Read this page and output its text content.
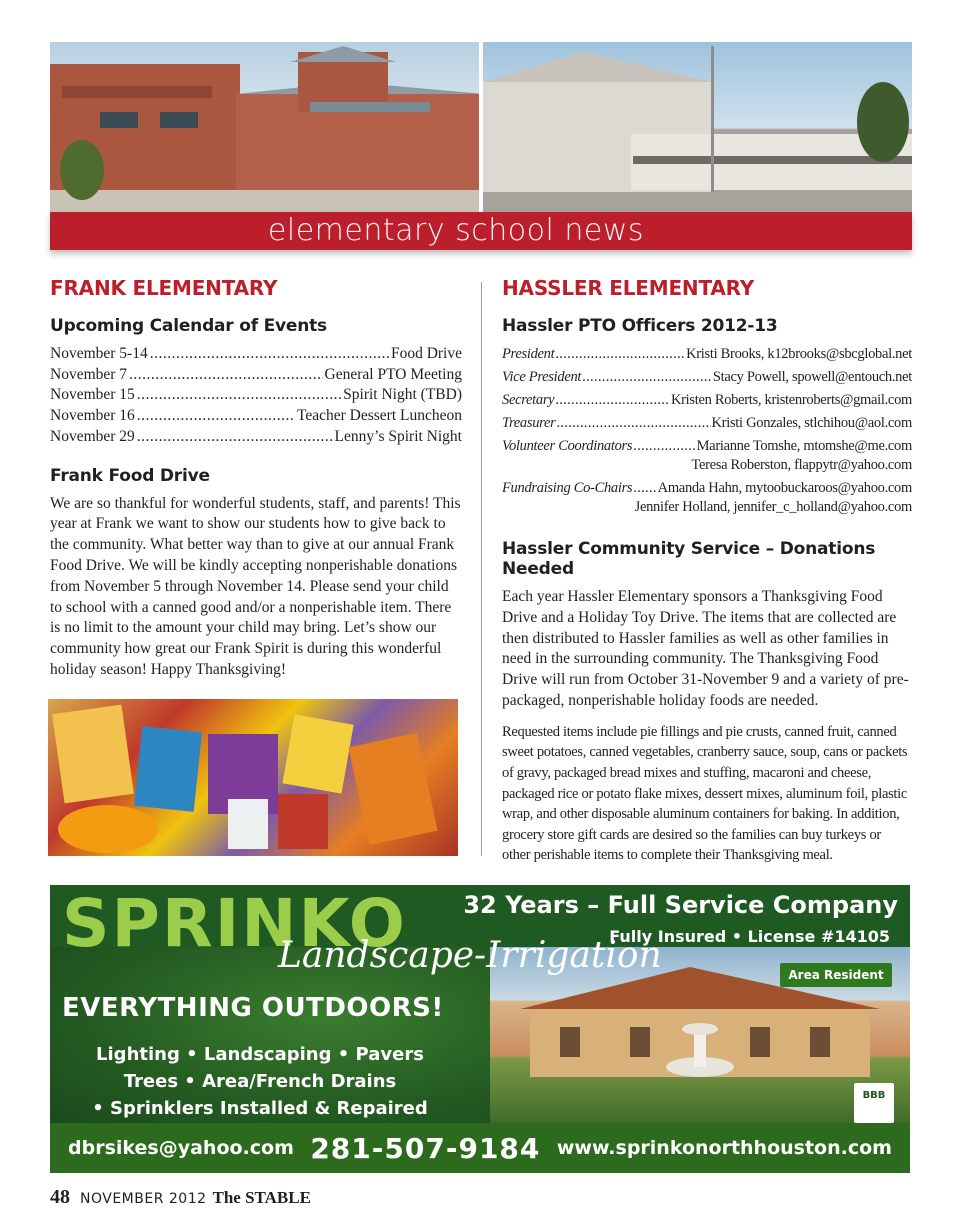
elementary school news
FRANK ELEMENTARY
Upcoming Calendar of Events
November 5-14 .....	Food Drive
November 7 .....	General PTO Meeting
November 15 .....	Spirit Night (TBD)
November 16 .....	Teacher Dessert Luncheon
November 29 .....	Lenny’s Spirit Night
Frank Food Drive

We are so thankful for wonderful students, staff, and parents! This year at Frank we want to show our students how to give back to the community. What better way than to give at our annual Frank Food Drive. We will be kindly accepting nonperishable donations from November 5 through November 14. Please send your child to school with a canned good and/or a nonperishable item. There is no limit to the amount your child may bring. Let’s show our community how great our Frank Spirit is during this wonderful holiday season! Happy Thanksgiving!

HASSLER ELEMENTARY
Hassler PTO Officers 2012-13
President .....	Kristi Brooks, k12brooks@sbcglobal.net
Vice President .....	Stacy Powell, spowell@entouch.net
Secretary .....	Kristen Roberts, kristenroberts@gmail.com
Treasurer .....	Kristi Gonzales, stlchihou@aol.com
Volunteer Coordinators .....	Marianne Tomshe, mtomshe@me.com
Teresa Roberston, flappytr@yahoo.com
Fundraising Co-Chairs ..... Amanda Hahn, mytoobuckaroos@yahoo.com
Jennifer Holland, jennifer_c_holland@yahoo.com
Hassler Community Service – Donations Needed

Each year Hassler Elementary sponsors a Thanksgiving Food Drive and a Holiday Toy Drive. The items that are collected are then distributed to Hassler families as well as other families in need in the surrounding community. The Thanksgiving Food Drive will run from October 31-November 9 and a variety of pre-packaged, nonperishable holiday foods are needed.

Requested items include pie fillings and pie crusts, canned fruit, canned sweet potatoes, canned vegetables, cranberry sauce, soup, cans or packets of gravy, packaged bread mixes and stuffing, macaroni and cheese, packaged rice or potato flake mixes, dessert mixes, aluminum foil, plastic wrap, and other disposable aluminum containers for baking. In addition, grocery store gift cards are desired so the families can buy turkeys or other perishable items to complete their Thanksgiving meal.

SPRINKO
Landscape-Irrigation
32 Years – Full Service Company
Fully Insured • License #14105
Area Resident
EVERYTHING OUTDOORS!
Lighting • Landscaping • Pavers
Trees • Area/French Drains
• Sprinklers Installed & Repaired
BBB
dbrsikes@yahoo.com 281-507-9184 www.sprinkonorthhouston.com
48 NOVEMBER 2012 The STABLE
